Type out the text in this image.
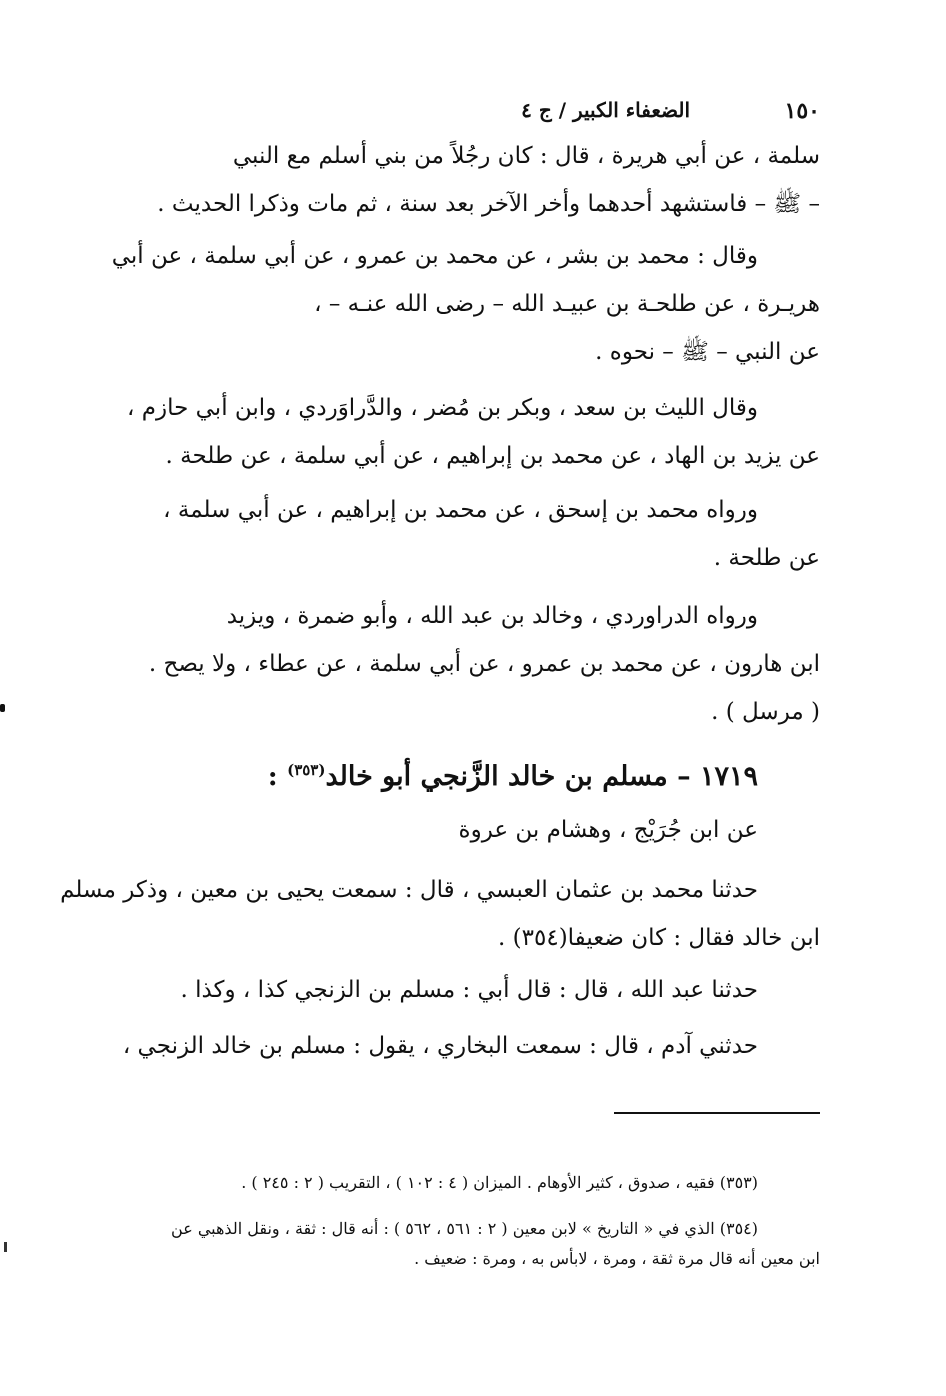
١٥٠
الضعفاء الكبير / ج ٤
سلمة ، عن أبي هريرة ، قال : كان رجُلاً من بني أسلم مع النبي
– ﷺ – فاستشهد أحدهما وأخر الآخر بعد سنة ، ثم مات وذكرا الحديث .
وقال : محمد بن بشر ، عن محمد بن عمرو ، عن أبي سلمة ، عن أبي
هريـرة ، عن طلحـة بن عبيـد الله – رضى الله عنـه – ،
عن النبي – ﷺ – نحوه .
وقال الليث بن سعد ، وبكر بن مُضر ، والدَّراوَردي ، وابن أبي حازم ،
عن يزيد بن الهاد ، عن محمد بن إبراهيم ، عن أبي سلمة ، عن طلحة .
ورواه محمد بن إسحق ، عن محمد بن إبراهيم ، عن أبي سلمة ،
عن طلحة .
ورواه الدراوردي ، وخالد بن عبد الله ، وأبو ضمرة ، ويزيد
ابن هارون ، عن محمد بن عمرو ، عن أبي سلمة ، عن عطاء ، ولا يصح .
( مرسل ) .
١٧١٩ – مسلم بن خالد الزَّنجي أبو خالد$^{(٣٥٣)}$ :
عن ابن جُرَيْج ، وهشام بن عروة
حدثنا محمد بن عثمان العبسي ، قال : سمعت يحيى بن معين ، وذكر مسلم
ابن خالد فقال : كان ضعيفا(٣٥٤) .
حدثنا عبد الله ، قال : قال أبي : مسلم بن الزنجي كذا ، وكذا .
حدثني آدم ، قال : سمعت البخاري ، يقول : مسلم بن خالد الزنجي ،
(٣٥٣) فقيه ، صدوق ، كثير الأوهام . الميزان ( ٤ : ١٠٢ ) ، التقريب ( ٢ : ٢٤٥ ) .
(٣٥٤) الذي في « التاريخ » لابن معين ( ٢ : ٥٦١ ، ٥٦٢ ) : أنه قال : ثقة ، ونقل الذهبي عن
ابن معين أنه قال مرة ثقة ، ومرة ، لابأس به ، ومرة : ضعيف .
